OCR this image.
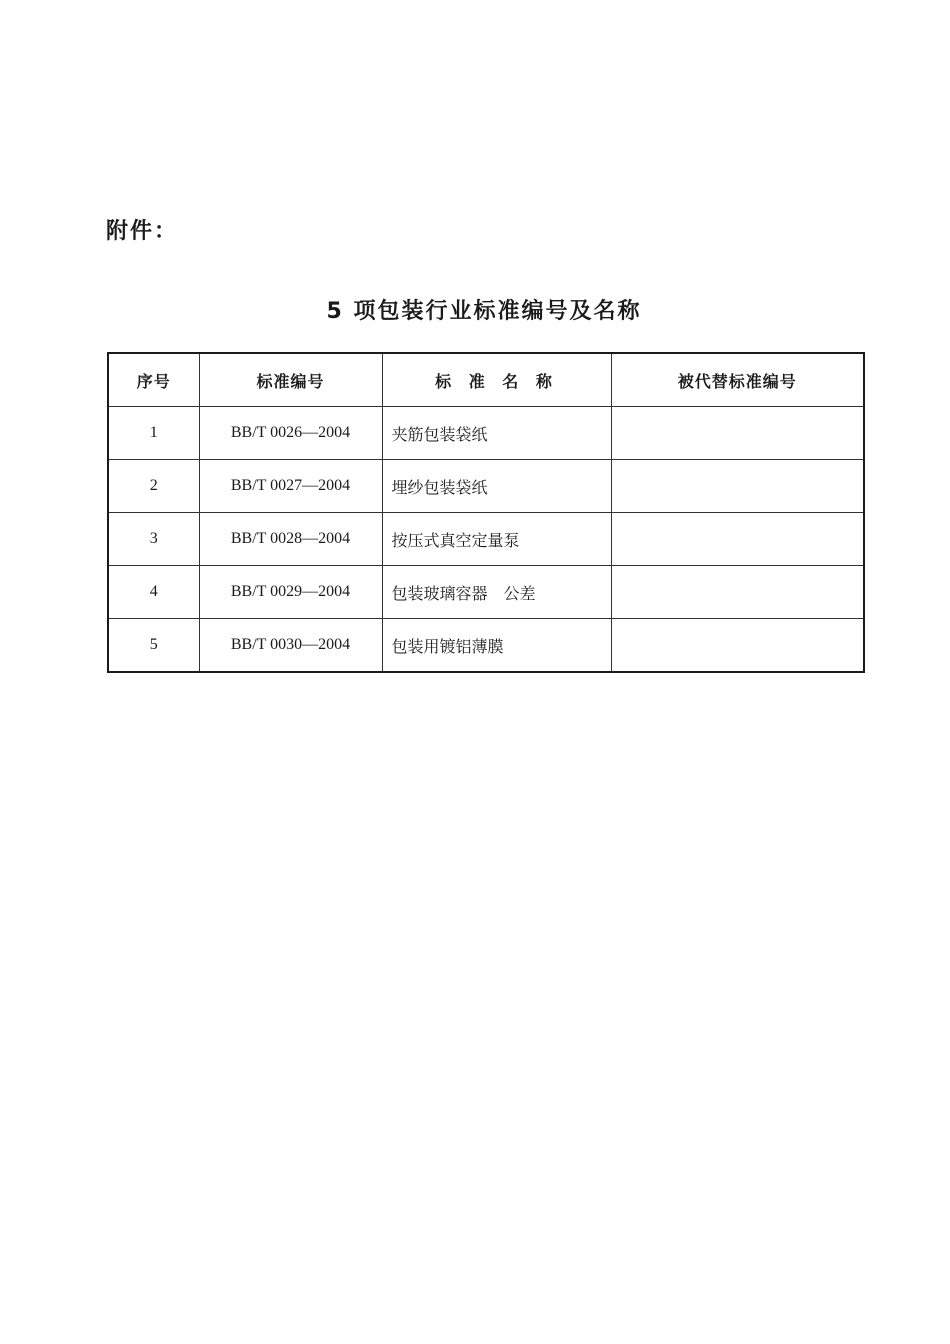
附件：
5 项包装行业标准编号及名称
序号	标准编号	标 准 名 称	被代替标准编号
1	BB/T 0026—2004	夹筋包装袋纸	
2	BB/T 0027—2004	埋纱包装袋纸	
3	BB/T 0028—2004	按压式真空定量泵	
4	BB/T 0029—2004	包装玻璃容器　公差	
5	BB/T 0030—2004	包装用镀铝薄膜	
